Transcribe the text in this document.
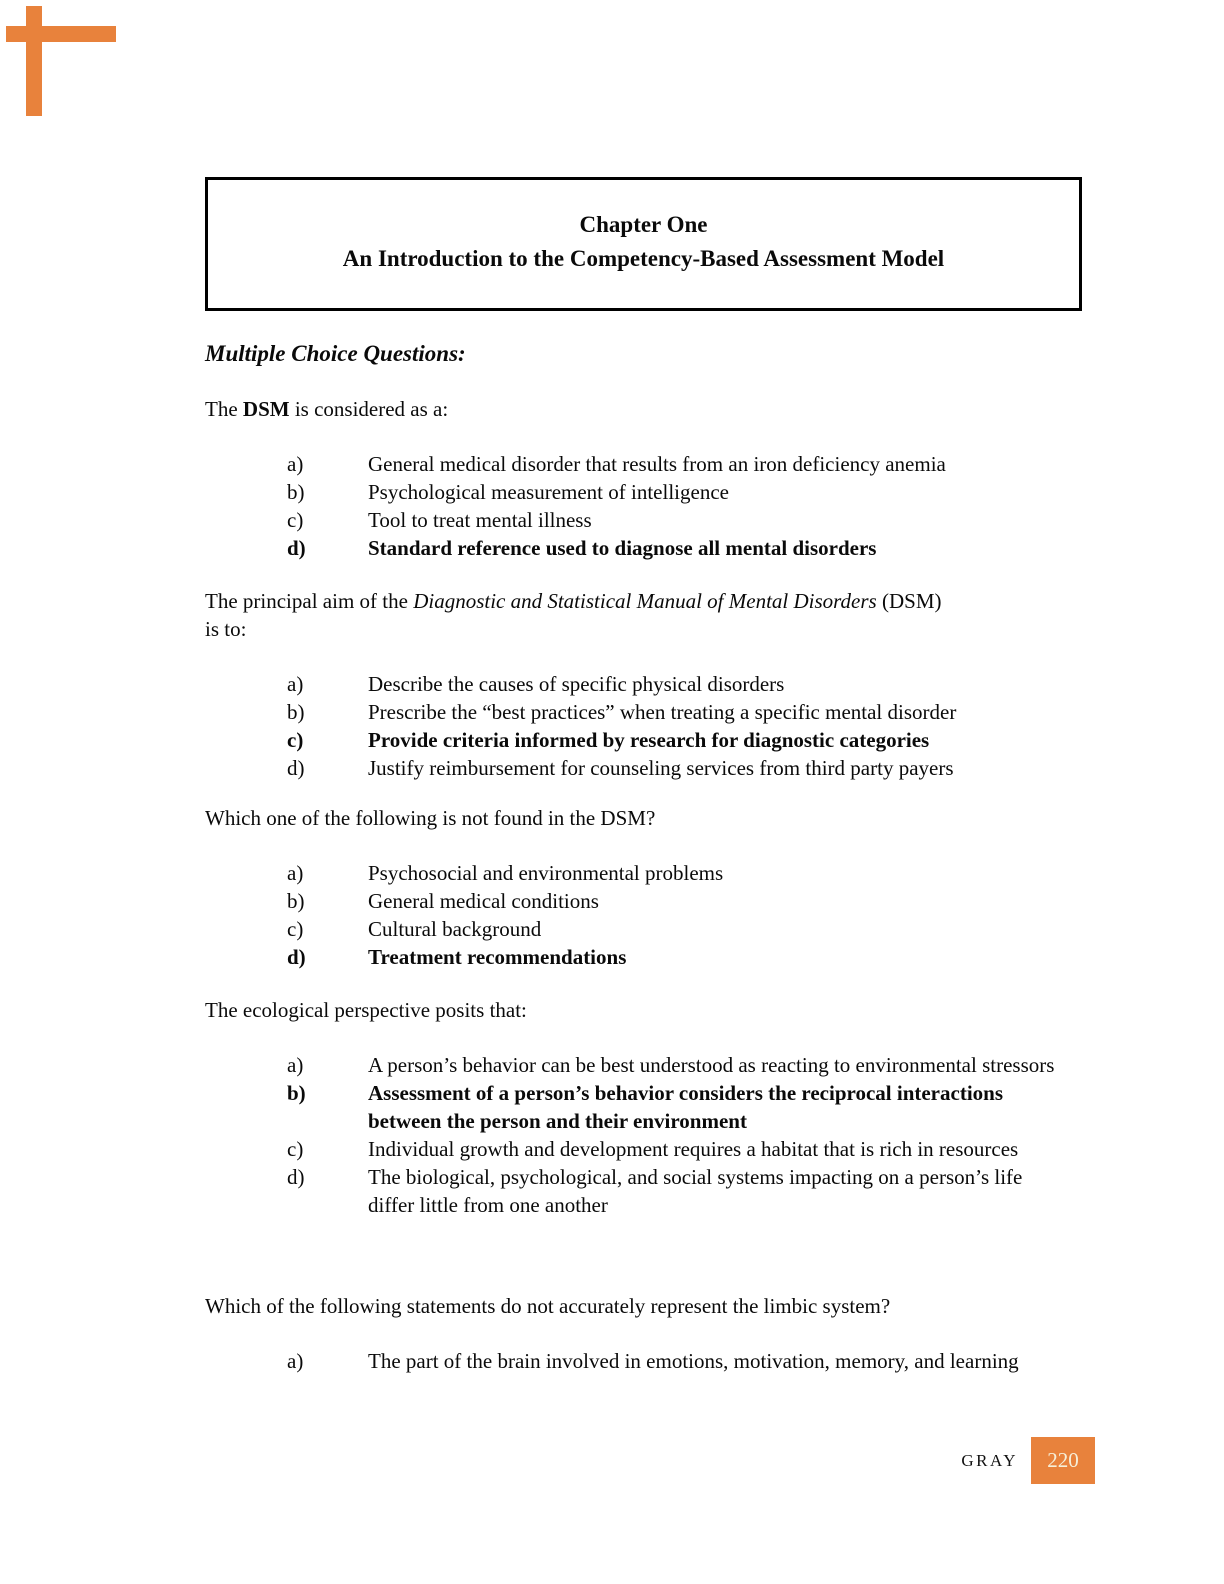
Chapter One
An Introduction to the Competency-Based Assessment Model

Multiple Choice Questions:

The DSM is considered as a:

a)	General medical disorder that results from an iron deficiency anemia
b)	Psychological measurement of intelligence
c)	Tool to treat mental illness
d)	Standard reference used to diagnose all mental disorders

The principal aim of the Diagnostic and Statistical Manual of Mental Disorders (DSM)
is to:

a)	Describe the causes of specific physical disorders
b)	Prescribe the “best practices” when treating a specific mental disorder
c)	Provide criteria informed by research for diagnostic categories
d)	Justify reimbursement for counseling services from third party payers

Which one of the following is not found in the DSM?

a)	Psychosocial and environmental problems
b)	General medical conditions
c)	Cultural background
d)	Treatment recommendations

The ecological perspective posits that:

a)	A person’s behavior can be best understood as reacting to environmental stressors
b)	Assessment of a person’s behavior considers the reciprocal interactions between the person and their environment
c)	Individual growth and development requires a habitat that is rich in resources
d)	The biological, psychological, and social systems impacting on a person’s life differ little from one another

Which of the following statements do not accurately represent the limbic system?

a)	The part of the brain involved in emotions, motivation, memory, and learning
GRAY 220
